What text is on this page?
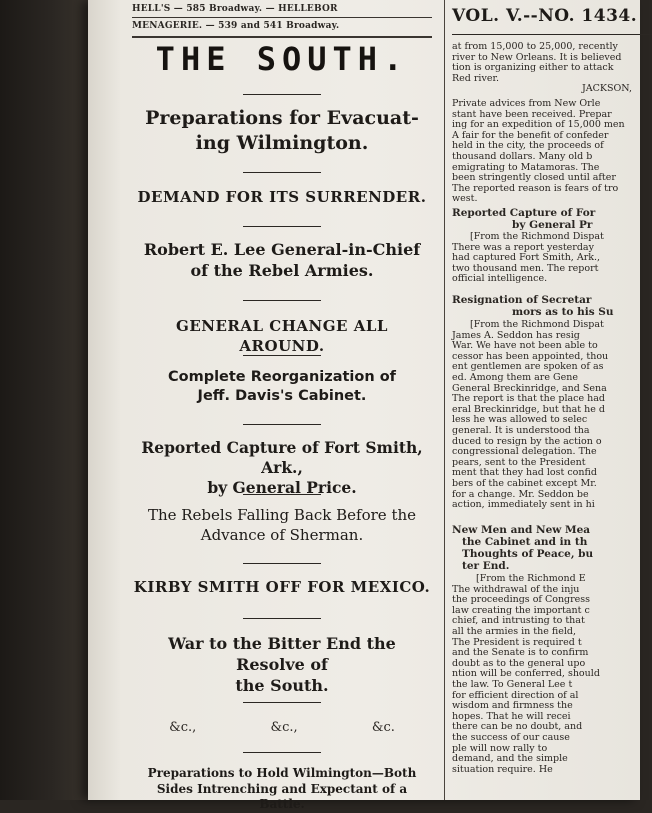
HELL'S — 585 Broadway. — HELLEBOR
MENAGERIE. — 539 and 541 Broadway.
THE SOUTH.
Preparations for Evacuat-
ing Wilmington.
DEMAND FOR ITS SURRENDER.
Robert E. Lee General-in-Chief
of the Rebel Armies.
GENERAL CHANGE ALL AROUND.
Complete Reorganization of
Jeff. Davis's Cabinet.
Reported Capture of Fort Smith, Ark.,
by General Price.
The Rebels Falling Back Before the
Advance of Sherman.
KIRBY SMITH OFF FOR MEXICO.
War to the Bitter End the Resolve of
the South.
&c.,	&c.,	&c.
Preparations to Hold Wilmington—Both
Sides Intrenching and Expectant of a
Battle.
VOL. V.--NO. 1434.
at from 15,000 to 25,000, recently
river to New Orleans. It is believed
tion is organizing either to attack
Red river.
JACKSON,
Private advices from New Orle
stant have been received. Prepar
ing for an expedition of 15,000 men
A fair for the benefit of confeder
held in the city, the proceeds of
thousand dollars. Many old b
emigrating to Matamoras. The
been stringently closed until after
The reported reason is fears of tro
west.
Reported Capture of For
by General Pr
[From the Richmond Dispat
There was a report yesterday
had captured Fort Smith, Ark.,
two thousand men. The report
official intelligence.
Resignation of Secretar
mors as to his Su
[From the Richmond Dispat
James A. Seddon has resig
War. We have not been able to
cessor has been appointed, thou
ent gentlemen are spoken of as
ed. Among them are Gene
General Breckinridge, and Sena
The report is that the place had
eral Breckinridge, but that he d
less he was allowed to selec
general. It is understood tha
duced to resign by the action o
congressional delegation. The
pears, sent to the President
ment that they had lost confid
bers of the cabinet except Mr.
for a change. Mr. Seddon be
action, immediately sent in hi
New Men and New Mea
the Cabinet and in th
Thoughts of Peace, bu
ter End.
[From the Richmond E
The withdrawal of the inju
the proceedings of Congress
law creating the important c
chief, and intrusting to that
all the armies in the field,
The President is required t
and the Senate is to confirm
doubt as to the general upo
ntion will be conferred, should
the law. To General Lee t
for efficient direction of al
wisdom and firmness the
hopes. That he will recei
there can be no doubt, and
the success of our cause
ple will now rally to
demand, and the simple
situation require. He
